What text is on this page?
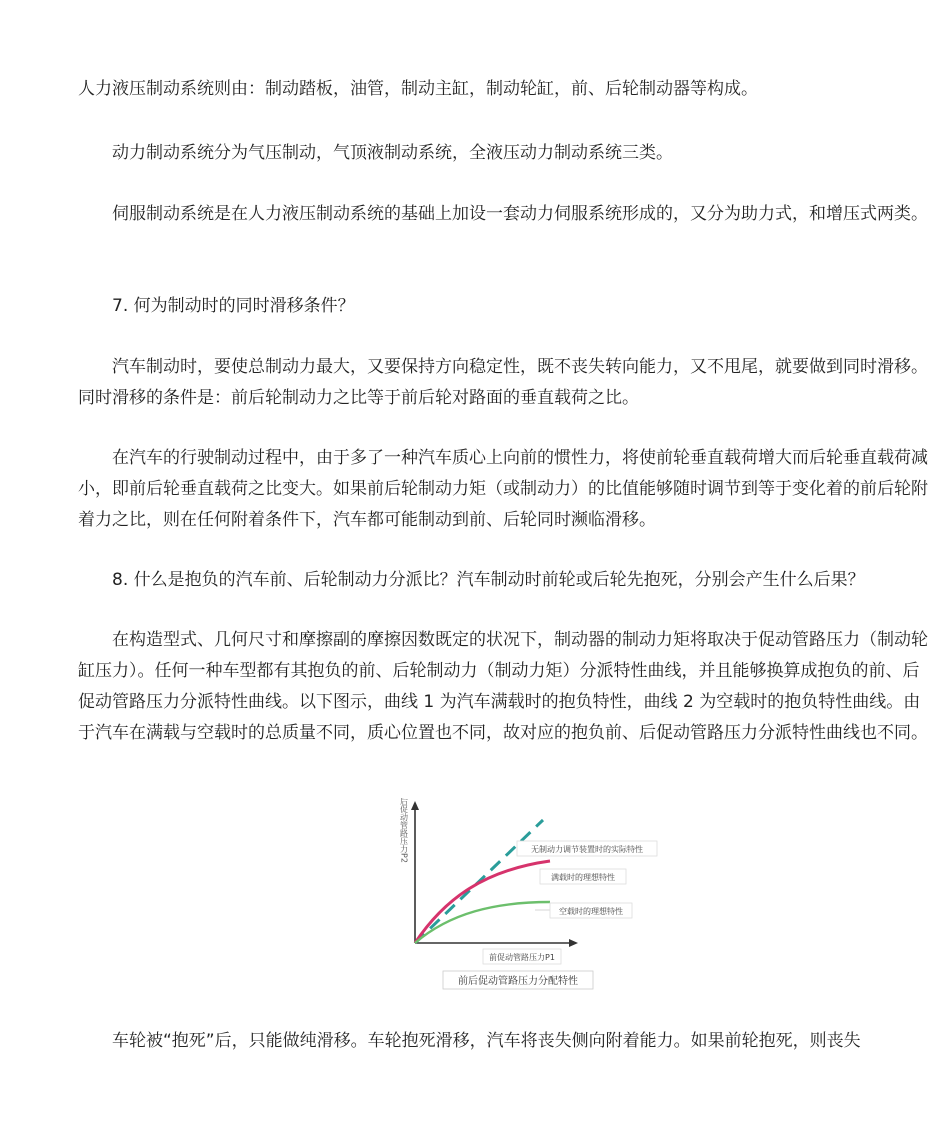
人力液压制动系统则由：制动踏板，油管，制动主缸，制动轮缸，前、后轮制动器等构成。

动力制动系统分为气压制动，气顶液制动系统，全液压动力制动系统三类。

伺服制动系统是在人力液压制动系统的基础上加设一套动力伺服系统形成的，又分为助力式，和增压式两类。

7. 何为制动时的同时滑移条件？

汽车制动时，要使总制动力最大，又要保持方向稳定性，既不丧失转向能力，又不甩尾，就要做到同时滑移。 同时滑移的条件是：前后轮制动力之比等于前后轮对路面的垂直载荷之比。

在汽车的行驶制动过程中，由于多了一种汽车质心上向前的惯性力，将使前轮垂直载荷增大而后轮垂直载荷减小，即前后轮垂直载荷之比变大。如果前后轮制动力矩（或制动力）的比值能够随时调节到等于变化着的前后轮附着力之比，则在任何附着条件下，汽车都可能制动到前、后轮同时濒临滑移。

8. 什么是抱负的汽车前、后轮制动力分派比？汽车制动时前轮或后轮先抱死，分别会产生什么后果？

在构造型式、几何尺寸和摩擦副的摩擦因数既定的状况下，制动器的制动力矩将取决于促动管路压力（制动轮缸压力）。任何一种车型都有其抱负的前、后轮制动力（制动力矩）分派特性曲线，并且能够换算成抱负的前、后促动管路压力分派特性曲线。以下图示，曲线 1 为汽车满载时的抱负特性，曲线 2 为空载时的抱负特性曲线。由于汽车在满载与空载时的总质量不同，质心位置也不同，故对应的抱负前、后促动管路压力分派特性曲线也不同。

后促动管路压力P2	无制动力调节装置时的实际特性
满载时的理想特性
空载时的理想特性
前促动管路压力P1
前后促动管路压力分配特性

车轮被“抱死”后，只能做纯滑移。车轮抱死滑移，汽车将丧失侧向附着能力。如果前轮抱死，则丧失
